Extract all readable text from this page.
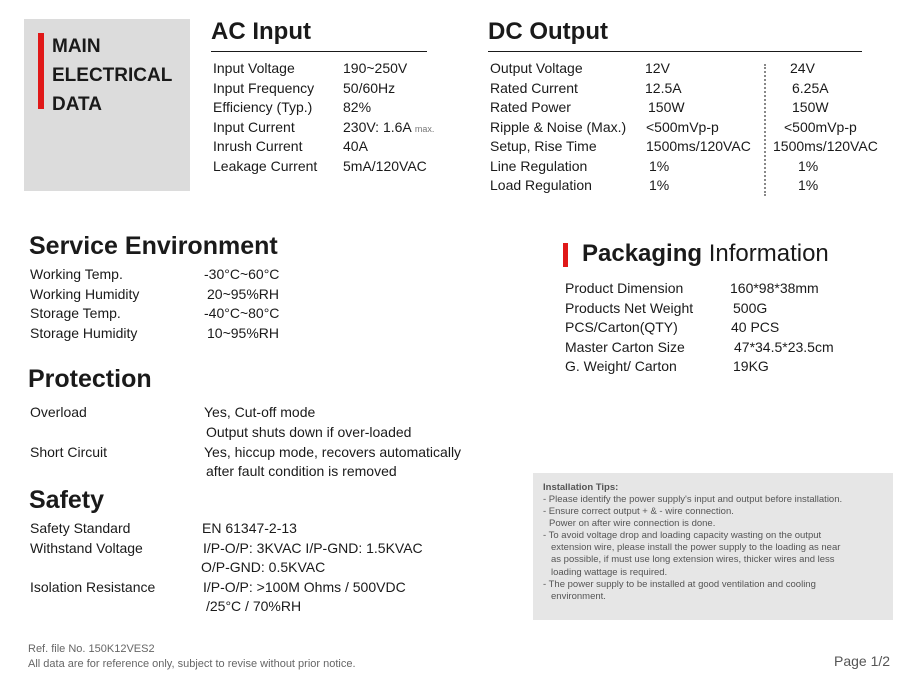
MAIN
ELECTRICAL
DATA
AC Input
Input Voltage	190~250V
Input Frequency 50/60Hz
Efficiency (Typ.) 82%
Input Current	230V: 1.6A max.
Inrush Current	40A
Leakage Current 5mA/120VAC
DC Output
Output Voltage	12V	24V
Rated Current	12.5A	6.25A
Rated Power	150W	150W
Ripple & Noise (Max.) <500mVp-p	<500mVp-p
Setup, Rise Time	1500ms/120VAC 1500ms/120VAC
Line Regulation	1%	1%
Load Regulation	1%	1%
Service Environment
Working Temp.	-30°C~60°C
Working Humidity	20~95%RH
Storage Temp.	-40°C~80°C
Storage Humidity	10~95%RH
Protection
Overload	Yes, Cut-off mode
Output shuts down if over-loaded
Short Circuit	Yes, hiccup mode, recovers automatically
after fault condition is removed
Safety
Safety Standard	EN 61347-2-13
Withstand Voltage	I/P-O/P: 3KVAC I/P-GND: 1.5KVAC
O/P-GND: 0.5KVAC
Isolation Resistance	I/P-O/P: >100M Ohms / 500VDC
/25°C / 70%RH
Packaging Information
Product Dimension	160*98*38mm
Products Net Weight	500G
PCS/Carton(QTY)	40 PCS
Master Carton Size	47*34.5*23.5cm
G. Weight/ Carton	19KG
Installation Tips:
- Please identify the power supply's input and output before installation.
- Ensure correct output + & - wire connection.
Power on after wire connection is done.
- To avoid voltage drop and loading capacity wasting on the output
extension wire, please install the power supply to the loading as near
as possible, if must use long extension wires, thicker wires and less
loading wattage is required.
- The power supply to be installed at good ventilation and cooling
environment.
Ref. file No. 150K12VES2
All data are for reference only, subject to revise without prior notice.	Page 1/2
